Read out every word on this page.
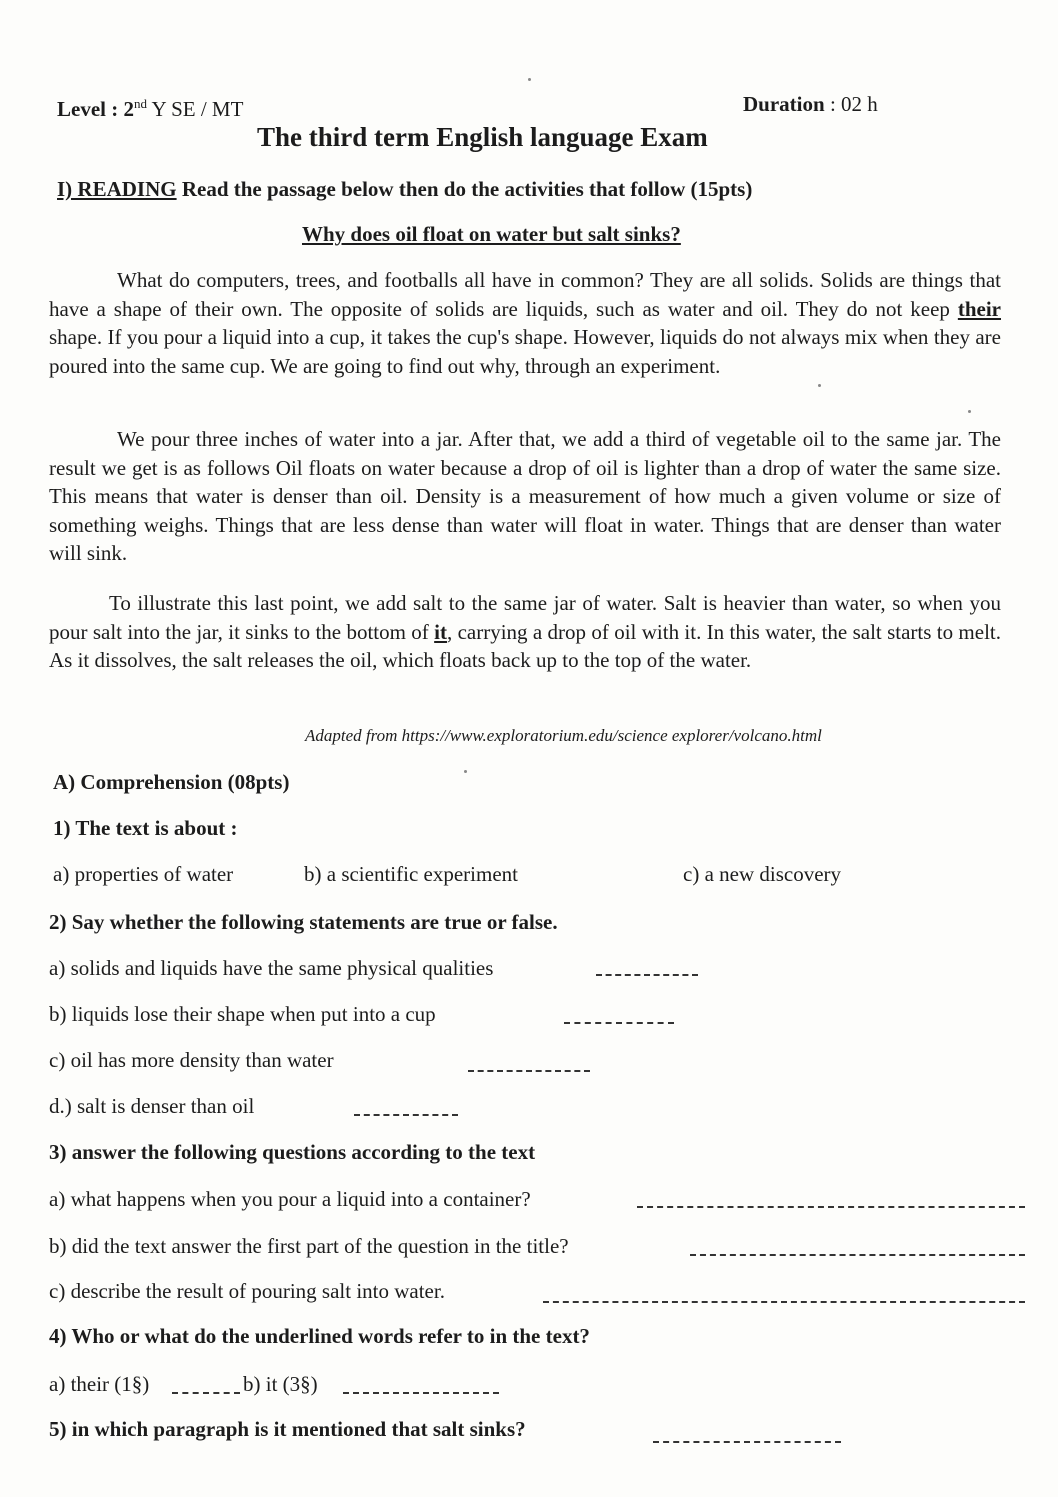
Level : 2nd Y SE / MT	Duration : 02 h
The third term English language Exam
I) READING Read the passage below then do the activities that follow (15pts)
Why does oil float on water but salt sinks?
What do computers, trees, and footballs all have in common? They are all solids. Solids are things that have a shape of their own. The opposite of solids are liquids, such as water and oil. They do not keep their shape. If you pour a liquid into a cup, it takes the cup's shape. However, liquids do not always mix when they are poured into the same cup. We are going to find out why, through an experiment.
We pour three inches of water into a jar. After that, we add a third of vegetable oil to the same jar. The result we get is as follows Oil floats on water because a drop of oil is lighter than a drop of water the same size. This means that water is denser than oil. Density is a measurement of how much a given volume or size of something weighs. Things that are less dense than water will float in water. Things that are denser than water will sink.
To illustrate this last point, we add salt to the same jar of water. Salt is heavier than water, so when you pour salt into the jar, it sinks to the bottom of it, carrying a drop of oil with it. In this water, the salt starts to melt. As it dissolves, the salt releases the oil, which floats back up to the top of the water.
Adapted from https://www.exploratorium.edu/science explorer/volcano.html
A) Comprehension (08pts)
1) The text is about :
a) properties of water	b) a scientific experiment	c) a new discovery
2) Say whether the following statements are true or false.
a) solids and liquids have the same physical qualities
b) liquids lose their shape when put into a cup
c) oil has more density than water
d.) salt is denser than oil
3) answer the following questions according to the text
a) what happens when you pour a liquid into a container?
b) did the text answer the first part of the question in the title?
c) describe the result of pouring salt into water.
4) Who or what do the underlined words refer to in the text?
a) their (1§)	b) it (3§)
5) in which paragraph is it mentioned that salt sinks?
